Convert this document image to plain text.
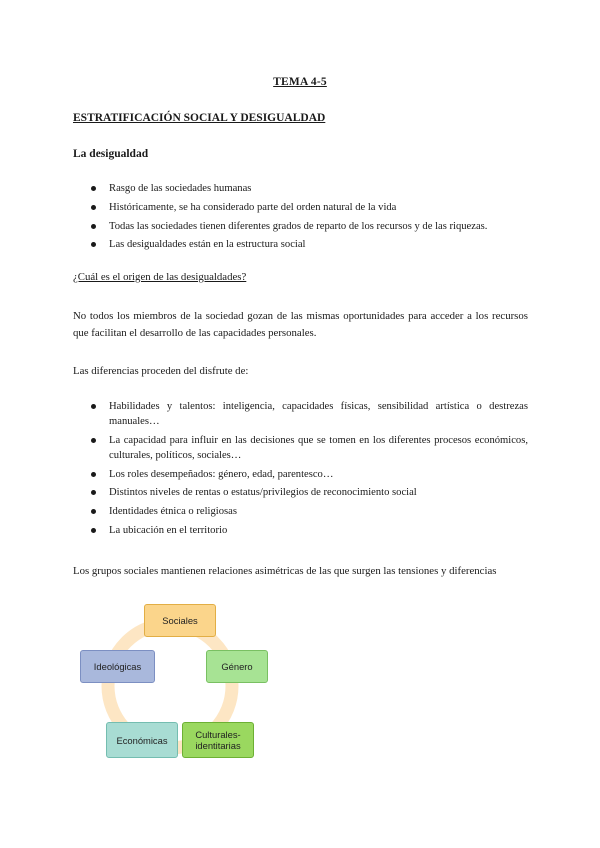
TEMA 4-5
ESTRATIFICACIÓN SOCIAL Y DESIGUALDAD
La desigualdad
Rasgo de las sociedades humanas
Históricamente, se ha considerado parte del orden natural de la vida
Todas las sociedades tienen diferentes grados de reparto de los recursos y de las riquezas.
Las desigualdades están en la estructura social
¿Cuál es el origen de las desigualdades?
No todos los miembros de la sociedad gozan de las mismas oportunidades para acceder a los recursos que facilitan el desarrollo de las capacidades personales.
Las diferencias proceden del disfrute de:
Habilidades y talentos: inteligencia, capacidades físicas, sensibilidad artística o destrezas manuales…
La capacidad para influir en las decisiones que se tomen en los diferentes procesos económicos, culturales, políticos, sociales…
Los roles desempeñados: género, edad, parentesco…
Distintos niveles de rentas o estatus/privilegios de reconocimiento social
Identidades étnica o religiosas
La ubicación en el territorio
Los grupos sociales mantienen relaciones asimétricas de las que surgen las tensiones y diferencias
Sociales
Género
Culturales-identitarias
Económicas
Ideológicas
